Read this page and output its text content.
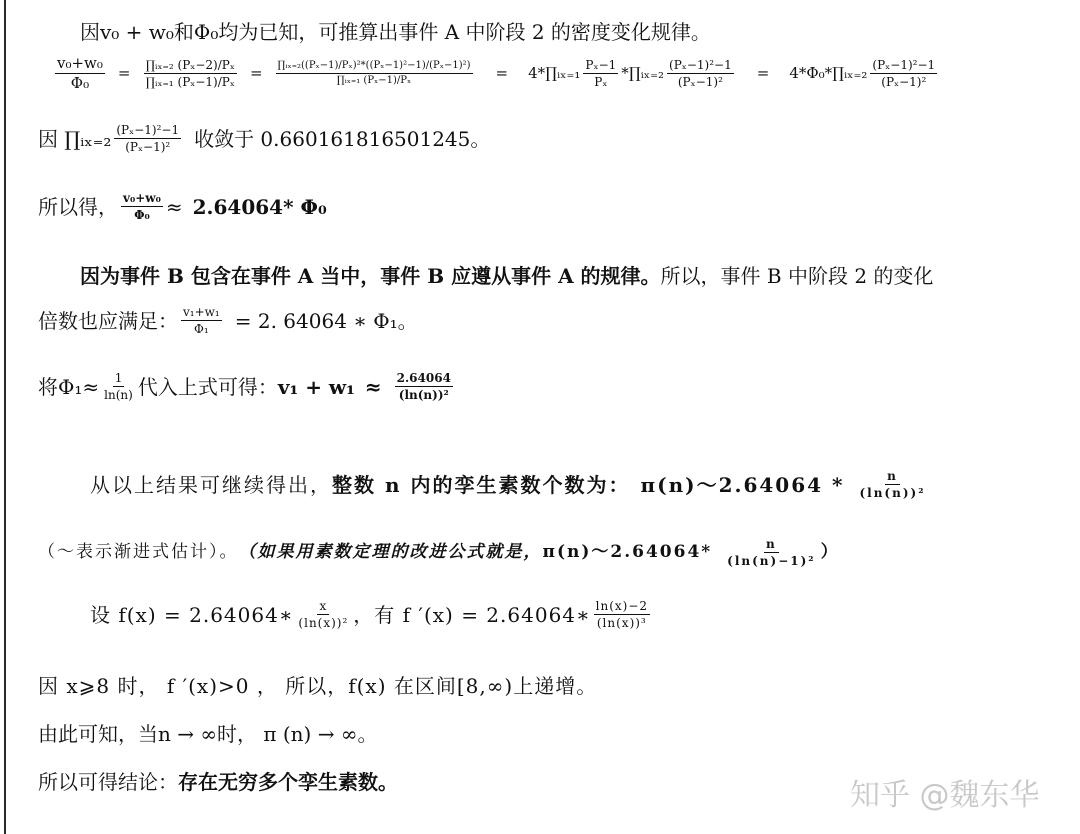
因v₀ + w₀和Φ₀均为已知，可推算出事件 A 中阶段 2 的密度变化规律。
$\frac{\text{v₀+w₀}}{\text{Φ₀}} = \frac{\text{∏ᵢₓ₌₂ (Pₓ−2)/Pₓ}}{\text{∏ᵢₓ₌₁ (Pₓ−1)/Pₓ}} = \frac{\text{∏ᵢₓ₌₂((Pₓ−1)/Pₓ)²*((Pₓ−1)²−1)/(Pₓ−1)²)}}{\text{∏ᵢₓ₌₁ (Pₓ−1)/Pₓ}}$ = 4*∏ᵢₓ₌₁ $\frac{\text{Pₓ−1}}{\text{Pₓ}}$ *∏ᵢₓ₌₂ $\frac{\text{(Pₓ−1)²−1}}{\text{(Pₓ−1)²}}$ = 4*Φ₀*∏ᵢₓ₌₂ $\frac{\text{(Pₓ−1)²−1}}{\text{(Pₓ−1)²}}$
因 ∏ᵢₓ₌₂ $\frac{\text{(Pₓ−1)²−1}}{\text{(Pₓ−1)²}}$ 收敛于 0.660161816501245。
所以得， $\frac{\text{v₀+w₀}}{\text{Φ₀}} \approx 2.64064*$ Φ₀
因为事件 B 包含在事件 A 当中，事件 B 应遵从事件 A 的规律。 所以，事件 B 中阶段 2 的变化
倍数也应满足： $\frac{\text{v₁+w₁}}{\text{Φ₁}} = 2$. 64064 ∗ Φ₁。
将$\Phi_1\approx \frac{1}{\ln(n)}$ 代入上式可得： $v_1 + w_1 \approx \frac{2.64064}{\text{(ln(n))²}}$
从以上结果可继续得出， 整数 n 内的孪生素数个数为： π(n)～2.64064 * $\frac{n}{\text{(ln(n))²}}$
（～表示渐进式估计）。 （如果用素数定理的改进公式就是， π(n)～2.64064* $\frac{n}{\text{(ln(n)−1)²}}$ ）
设 f(x) = 2.64064∗ $\frac{x}{\text{(ln(x))²}}$ ，有 f ′(x) = 2.64064∗ $\frac{\ln(x)-2}{\text{(ln(x))³}}$
因 x⩾8 时， f ′(x)>0 ， 所以，f(x) 在区间[8,∞)上递增。
由此可知，当n → ∞时， π (n) → ∞。
所以可得结论： 存在无穷多个孪生素数。	知乎 @魏东华
